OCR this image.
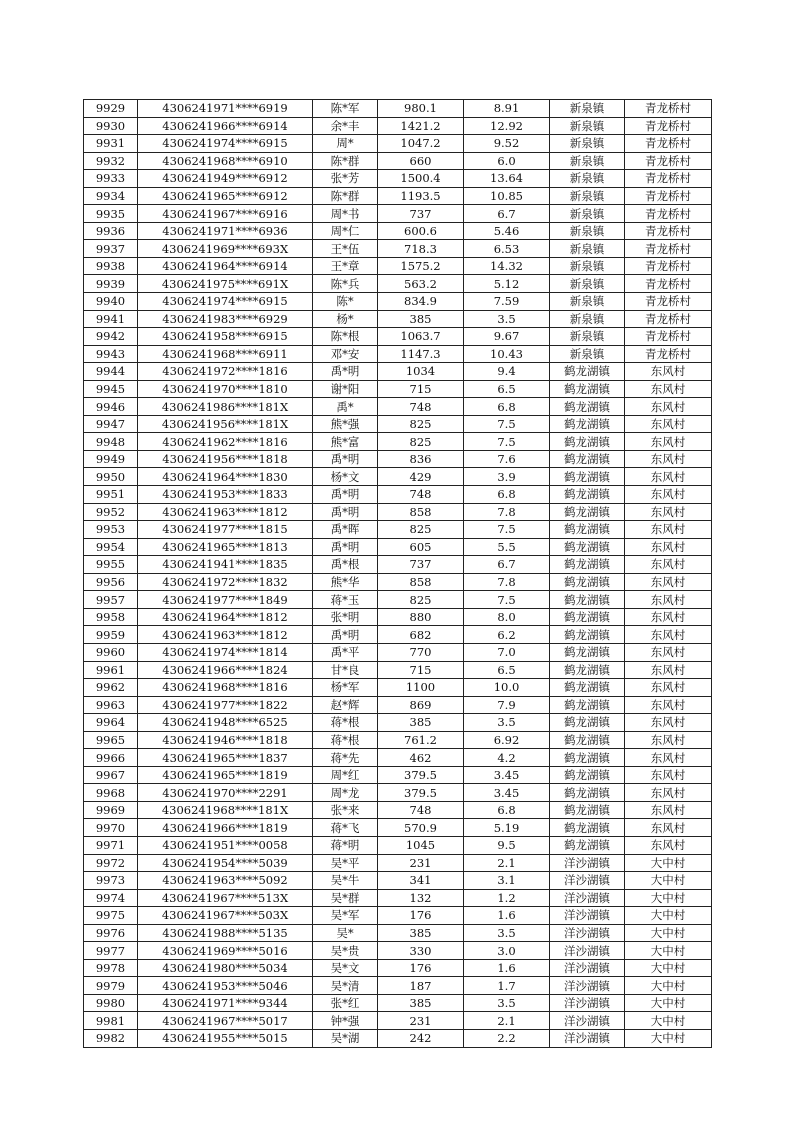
9929	4306241971****6919	陈*军	980.1	8.91	新泉镇	青龙桥村
9930	4306241966****6914	余*丰	1421.2	12.92	新泉镇	青龙桥村
9931	4306241974****6915	周*	1047.2	9.52	新泉镇	青龙桥村
9932	4306241968****6910	陈*群	660	6.0	新泉镇	青龙桥村
9933	4306241949****6912	张*芳	1500.4	13.64	新泉镇	青龙桥村
9934	4306241965****6912	陈*群	1193.5	10.85	新泉镇	青龙桥村
9935	4306241967****6916	周*书	737	6.7	新泉镇	青龙桥村
9936	4306241971****6936	周*仁	600.6	5.46	新泉镇	青龙桥村
9937	4306241969****693X	王*伍	718.3	6.53	新泉镇	青龙桥村
9938	4306241964****6914	王*章	1575.2	14.32	新泉镇	青龙桥村
9939	4306241975****691X	陈*兵	563.2	5.12	新泉镇	青龙桥村
9940	4306241974****6915	陈*	834.9	7.59	新泉镇	青龙桥村
9941	4306241983****6929	杨*	385	3.5	新泉镇	青龙桥村
9942	4306241958****6915	陈*根	1063.7	9.67	新泉镇	青龙桥村
9943	4306241968****6911	邓*安	1147.3	10.43	新泉镇	青龙桥村
9944	4306241972****1816	禹*明	1034	9.4	鹤龙湖镇	东风村
9945	4306241970****1810	谢*阳	715	6.5	鹤龙湖镇	东风村
9946	4306241986****181X	禹*	748	6.8	鹤龙湖镇	东风村
9947	4306241956****181X	熊*强	825	7.5	鹤龙湖镇	东风村
9948	4306241962****1816	熊*富	825	7.5	鹤龙湖镇	东风村
9949	4306241956****1818	禹*明	836	7.6	鹤龙湖镇	东风村
9950	4306241964****1830	杨*文	429	3.9	鹤龙湖镇	东风村
9951	4306241953****1833	禹*明	748	6.8	鹤龙湖镇	东风村
9952	4306241963****1812	禹*明	858	7.8	鹤龙湖镇	东风村
9953	4306241977****1815	禹*晖	825	7.5	鹤龙湖镇	东风村
9954	4306241965****1813	禹*明	605	5.5	鹤龙湖镇	东风村
9955	4306241941****1835	禹*根	737	6.7	鹤龙湖镇	东风村
9956	4306241972****1832	熊*华	858	7.8	鹤龙湖镇	东风村
9957	4306241977****1849	蒋*玉	825	7.5	鹤龙湖镇	东风村
9958	4306241964****1812	张*明	880	8.0	鹤龙湖镇	东风村
9959	4306241963****1812	禹*明	682	6.2	鹤龙湖镇	东风村
9960	4306241974****1814	禹*平	770	7.0	鹤龙湖镇	东风村
9961	4306241966****1824	甘*良	715	6.5	鹤龙湖镇	东风村
9962	4306241968****1816	杨*军	1100	10.0	鹤龙湖镇	东风村
9963	4306241977****1822	赵*辉	869	7.9	鹤龙湖镇	东风村
9964	4306241948****6525	蒋*根	385	3.5	鹤龙湖镇	东风村
9965	4306241946****1818	蒋*根	761.2	6.92	鹤龙湖镇	东风村
9966	4306241965****1837	蒋*先	462	4.2	鹤龙湖镇	东风村
9967	4306241965****1819	周*红	379.5	3.45	鹤龙湖镇	东风村
9968	4306241970****2291	周*龙	379.5	3.45	鹤龙湖镇	东风村
9969	4306241968****181X	张*来	748	6.8	鹤龙湖镇	东风村
9970	4306241966****1819	蒋*飞	570.9	5.19	鹤龙湖镇	东风村
9971	4306241951****0058	蒋*明	1045	9.5	鹤龙湖镇	东风村
9972	4306241954****5039	吴*平	231	2.1	洋沙湖镇	大中村
9973	4306241963****5092	吴*牛	341	3.1	洋沙湖镇	大中村
9974	4306241967****513X	吴*群	132	1.2	洋沙湖镇	大中村
9975	4306241967****503X	吴*军	176	1.6	洋沙湖镇	大中村
9976	4306241988****5135	吴*	385	3.5	洋沙湖镇	大中村
9977	4306241969****5016	吴*贵	330	3.0	洋沙湖镇	大中村
9978	4306241980****5034	吴*文	176	1.6	洋沙湖镇	大中村
9979	4306241953****5046	吴*清	187	1.7	洋沙湖镇	大中村
9980	4306241971****9344	张*红	385	3.5	洋沙湖镇	大中村
9981	4306241967****5017	钟*强	231	2.1	洋沙湖镇	大中村
9982	4306241955****5015	吴*湖	242	2.2	洋沙湖镇	大中村
